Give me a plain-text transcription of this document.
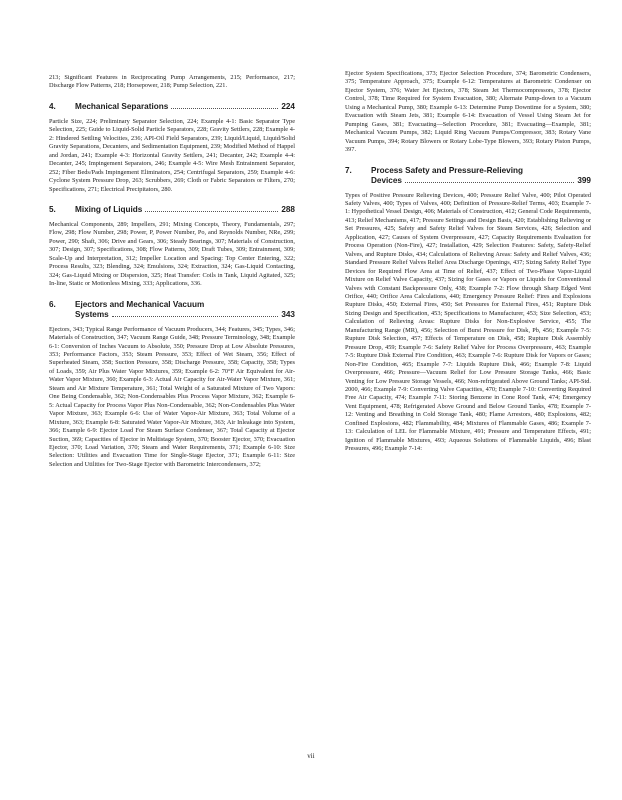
213; Significant Features in Reciprocating Pump Arrangements, 215; Performance, 217; Discharge Flow Patterns, 218; Horsepower, 218; Pump Selection, 221.

4.	Mechanical Separations	224

Particle Size, 224; Preliminary Separator Selection, 224; Example 4-1: Basic Separator Type Selection, 225; Guide to Liquid-Solid Particle Separators, 228; Gravity Settlers, 228; Example 4-2: Hindered Settling Velocities, 236; API-Oil Field Separators, 239; Liquid/Liquid, Liquid/Solid Gravity Separations, Decanters, and Sedimentation Equipment, 239; Modified Method of Happel and Jordan, 241; Example 4-3: Horizontal Gravity Settlers, 241; Decanter, 242; Example 4-4: Decanter, 245; Impingement Separators, 246; Example 4-5: Wire Mesh Entrainment Separator, 252; Fiber Beds/Pads Impingement Eliminators, 254; Centrifugal Separators, 259; Example 4-6: Cyclone System Pressure Drop, 263; Scrubbers, 269; Cloth or Fabric Separators or Filters, 270; Specifications, 271; Electrical Precipitators, 280.

5.	Mixing of Liquids	288

Mechanical Components, 289; Impellers, 291; Mixing Concepts, Theory, Fundamentals, 297; Flow, 298; Flow Number, 298; Power, P, Power Number, Po, and Reynolds Number, NRe, 299; Power, 290; Shaft, 306; Drive and Gears, 306; Steady Bearings, 307; Materials of Construction, 307; Design, 307; Specifications, 308; Flow Patterns, 309; Draft Tubes, 309; Entrainment, 309; Scale-Up and Interpretation, 312; Impeller Location and Spacing: Top Center Entering, 322; Process Results, 323; Blending, 324; Emulsions, 324; Extraction, 324; Gas-Liquid Contacting, 324; Gas-Liquid Mixing or Dispersion, 325; Heat Transfer: Coils in Tank, Liquid Agitated, 325; In-line, Static or Motionless Mixing, 333; Applications, 336.

6.	Ejectors and Mechanical Vacuum
Systems	343

Ejectors, 343; Typical Range Performance of Vacuum Producers, 344; Features, 345; Types, 346; Materials of Construction, 347; Vacuum Range Guide, 348; Pressure Terminology, 348; Example 6-1: Conversion of Inches Vacuum to Absolute, 350; Pressure Drop at Low Absolute Pressures, 353; Performance Factors, 353; Steam Pressure, 353; Effect of Wet Steam, 356; Effect of Superheated Steam, 358; Suction Pressure, 358; Discharge Pressure, 358; Capacity, 358; Types of Loads, 359; Air Plus Water Vapor Mixtures, 359; Example 6-2: 70°F Air Equivalent for Air-Water Vapor Mixture, 360; Example 6-3: Actual Air Capacity for Air-Water Vapor Mixture, 361; Steam and Air Mixture Temperature, 361; Total Weight of a Saturated Mixture of Two Vapors: One Being Condensable, 362; Non-Condensables Plus Process Vapor Mixture, 362; Example 6-5: Actual Capacity for Process Vapor Plus Non-Condensable, 362; Non-Condensables Plus Water Vapor Mixture, 363; Example 6-6: Use of Water Vapor-Air Mixture, 363; Total Volume of a Mixture, 363; Example 6-8: Saturated Water Vapor-Air Mixture, 363; Air Inleakage into System, 366; Example 6-9: Ejector Load For Steam Surface Condenser, 367; Total Capacity at Ejector Suction, 369; Capacities of Ejector in Multistage System, 370; Booster Ejector, 370; Evacuation Ejector, 370; Load Variation, 370; Steam and Water Requirements, 371; Example 6-10: Size Selection: Utilities and Evacuation Time for Single-Stage Ejector, 371; Example 6-11: Size Selection and Utilities for Two-Stage Ejector with Barometric Intercondensers, 372;

Ejector System Specifications, 373; Ejector Selection Procedure, 374; Barometric Condensers, 375; Temperature Approach, 375; Example 6-12: Temperatures at Barometric Condenser on Ejector System, 376; Water Jet Ejectors, 378; Steam Jet Thermocompressors, 378; Ejector Control, 378; Time Required for System Evacuation, 380; Alternate Pump-down to a Vacuum Using a Mechanical Pump, 380; Example 6-13: Determine Pump Downtime for a System, 380; Evacuation with Steam Jets, 381; Example 6-14: Evacuation of Vessel Using Steam Jet for Pumping Gases, 381; Evacuating—Selection Procedure, 381; Evacuating—Example, 381; Mechanical Vacuum Pumps, 382; Liquid Ring Vacuum Pumps/Compressor, 383; Rotary Vane Vacuum Pumps, 394; Rotary Blowers or Rotary Lobe-Type Blowers, 393; Rotary Piston Pumps, 397.

7.	Process Safety and Pressure-Relieving
Devices	399

Types of Positive Pressure Relieving Devices, 400; Pressure Relief Valve, 400; Pilot Operated Safety Valves, 400; Types of Valves, 400; Definition of Pressure-Relief Terms, 403; Example 7-1: Hypothetical Vessel Design, 406; Materials of Construction, 412; General Code Requirements, 413; Relief Mechanisms, 417; Pressure Settings and Design Basis, 420; Establishing Relieving or Set Pressures, 425; Safety and Safety Relief Valves for Steam Services, 426; Selection and Application, 427; Causes of System Overpressure, 427; Capacity Requirements Evaluation for Process Operation (Non-Fire), 427; Installation, 429; Selection Features: Safety, Safety-Relief Valves, and Rupture Disks, 434; Calculations of Relieving Areas: Safety and Relief Valves, 436; Standard Pressure Relief Valves Relief Area Discharge Openings, 437; Sizing Safety Relief Type Devices for Required Flow Area at Time of Relief, 437; Effect of Two-Phase Vapor-Liquid Mixture on Relief Valve Capacity, 437; Sizing for Gases or Vapors or Liquids for Conventional Valves with Constant Backpressure Only, 438; Example 7-2: Flow through Sharp Edged Vent Orifice, 440; Orifice Area Calculations, 440; Emergency Pressure Relief: Fires and Explosions Rupture Disks, 450; External Fires, 450; Set Pressures for External Fires, 451; Rupture Disk Sizing Design and Specification, 453; Specifications to Manufacturer, 453; Size Selection, 453; Calculation of Relieving Areas: Rupture Disks for Non-Explosive Service, 455; The Manufacturing Range (MR), 456; Selection of Burst Pressure for Disk, Pb, 456; Example 7-5: Rupture Disk Selection, 457; Effects of Temperature on Disk, 458; Rupture Disk Assembly Pressure Drop, 459; Example 7-6: Safety Relief Valve for Process Overpressure, 463; Example 7-5: Rupture Disk External Fire Condition, 463; Example 7-6: Rupture Disk for Vapors or Gases; Non-Fire Condition, 465; Example 7-7: Liquids Rupture Disk, 466; Example 7-8: Liquid Overpressure, 466; Pressure—Vacuum Relief for Low Pressure Storage Tanks, 466; Basic Venting for Low Pressure Storage Vessels, 466; Non-refrigerated Above Ground Tanks; API-Std. 2000, 466; Example 7-9: Converting Valve Capacities, 470; Example 7-10: Converting Required Free Air Capacity, 474; Example 7-11: Storing Benzene in Cone Roof Tank, 474; Emergency Vent Equipment, 478; Refrigerated Above Ground and Below Ground Tanks, 478; Example 7-12: Venting and Breathing in Cold Storage Tank, 480; Flame Arrestors, 480; Explosions, 482; Confined Explosions, 482; Flammability, 484; Mixtures of Flammable Gases, 486; Example 7-13: Calculation of LEL for Flammable Mixture, 491; Pressure and Temperature Effects, 491; Ignition of Flammable Mixtures, 493; Aqueous Solutions of Flammable Liquids, 496; Blast Pressures, 496; Example 7-14:

vii
